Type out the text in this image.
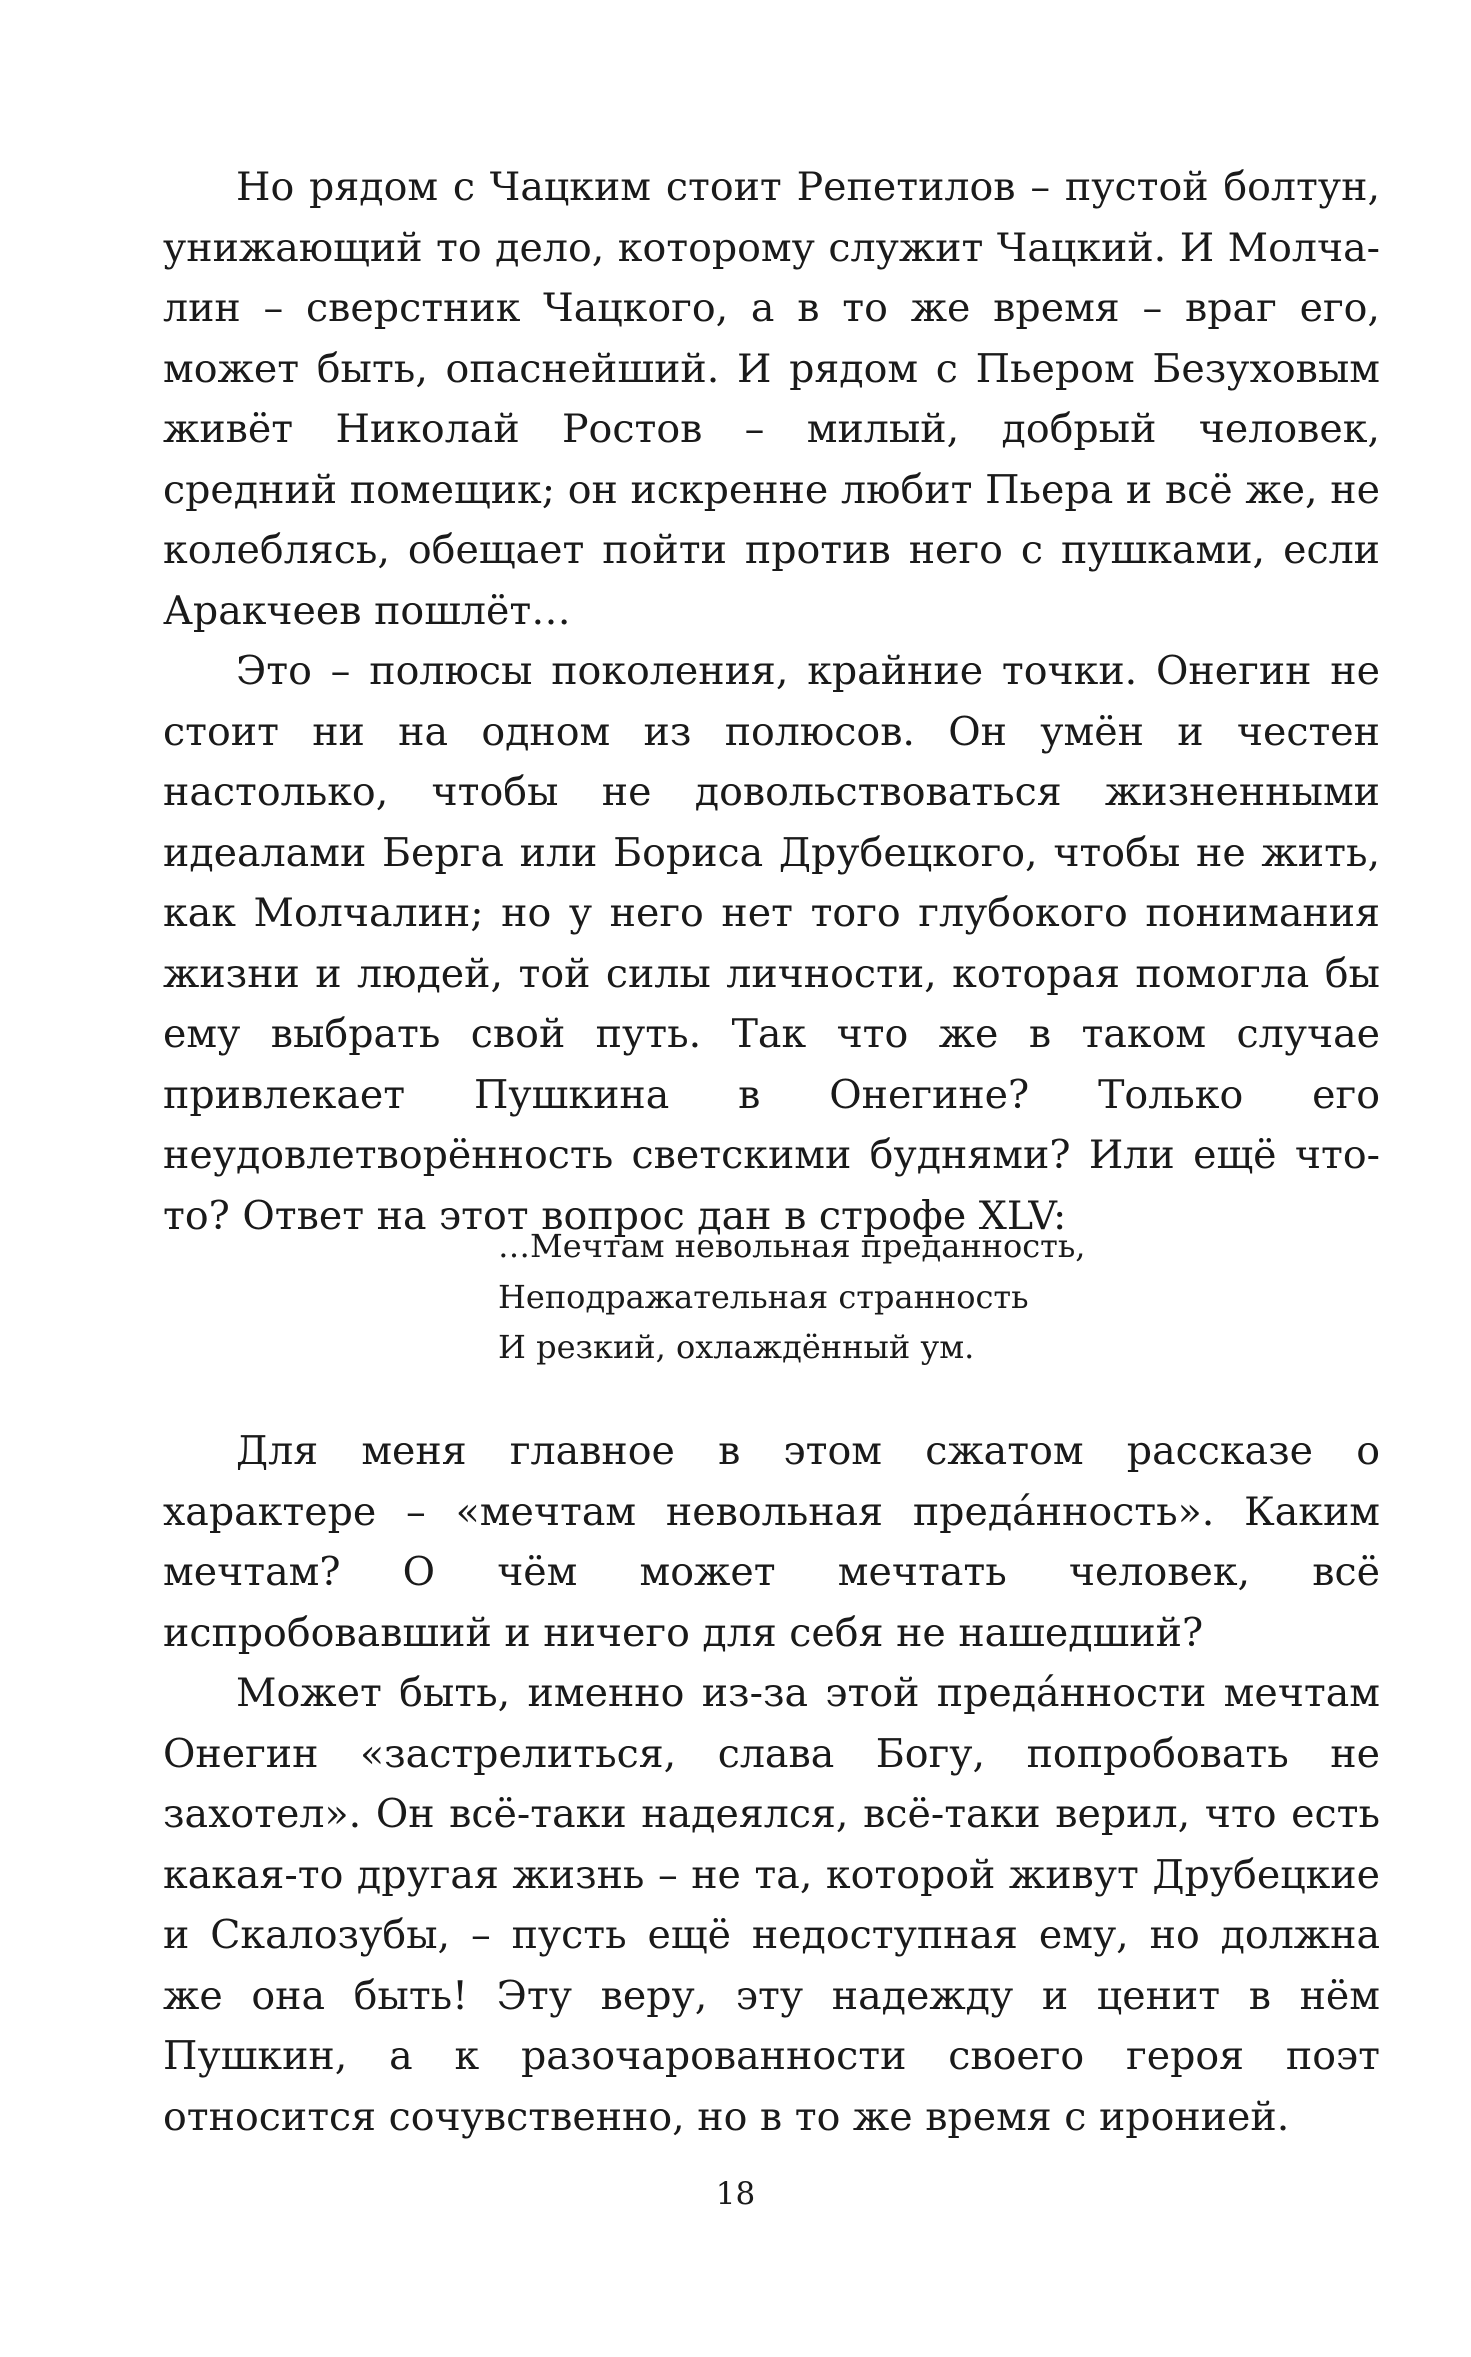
Но рядом с Чацким стоит Репетилов – пустой болтун, унижающий то дело, которому служит Чацкий. И Молчалин – сверстник Чацкого, а в то же время – враг его, может быть, опаснейший. И рядом с Пьером Безуховым живёт Николай Ростов – милый, добрый человек, средний помещик; он искренне любит Пьера и всё же, не колеблясь, обещает пойти против него с пушками, если Аракчеев пошлёт…

Это – полюсы поколения, крайние точки. Онегин не стоит ни на одном из полюсов. Он умён и честен настолько, чтобы не довольствоваться жизненными идеалами Берга или Бориса Друбецкого, чтобы не жить, как Молчалин; но у него нет того глубокого понимания жизни и людей, той силы личности, которая помогла бы ему выбрать свой путь. Так что же в таком случае привлекает Пушкина в Онегине? Только его неудовлетворённость светскими буднями? Или ещё что-то? Ответ на этот вопрос дан в строфе XLV:

…Мечтам невольная преданность,
Неподражательная странность
И резкий, охлаждённый ум.

Для меня главное в этом сжатом рассказе о характере – «мечтам невольная преда́нность». Каким мечтам? О чём может мечтать человек, всё испробовавший и ничего для себя не нашедший?

Может быть, именно из-за этой преда́нности мечтам Онегин «застрелиться, слава Богу, попробовать не захотел». Он всё-таки надеялся, всё-таки верил, что есть какая-то другая жизнь – не та, которой живут Друбецкие и Скалозубы, – пусть ещё недоступная ему, но должна же она быть! Эту веру, эту надежду и ценит в нём Пушкин, а к разочарованности своего героя поэт относится сочувственно, но в то же время с иронией.

18
